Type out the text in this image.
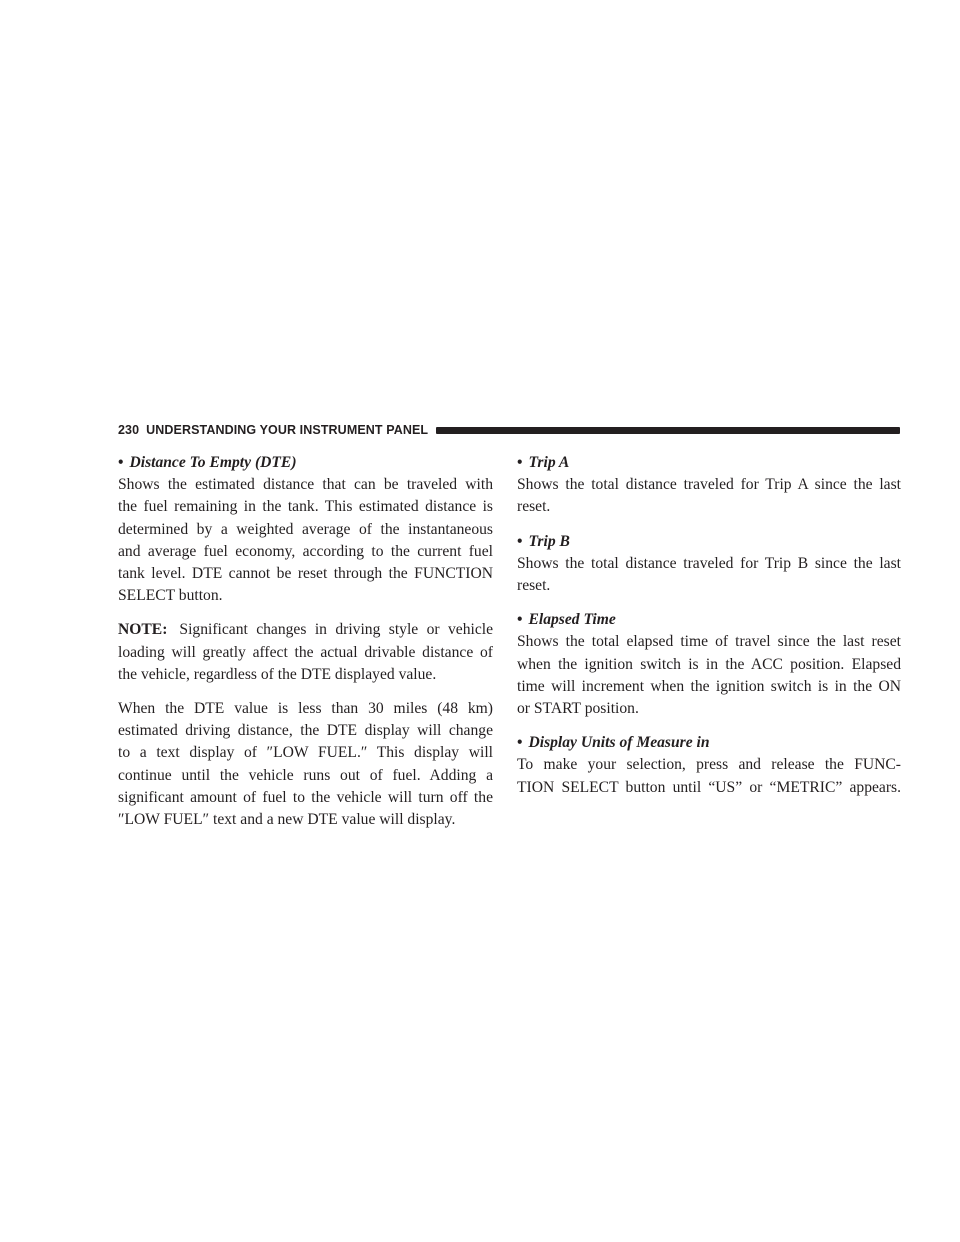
230 UNDERSTANDING YOUR INSTRUMENT PANEL
• Distance To Empty (DTE)
Shows the estimated distance that can be traveled with
the fuel remaining in the tank. This estimated distance is
determined by a weighted average of the instantaneous
and average fuel economy, according to the current fuel
tank level. DTE cannot be reset through the FUNCTION
SELECT button.
NOTE: Significant changes in driving style or vehicle
loading will greatly affect the actual drivable distance of
the vehicle, regardless of the DTE displayed value.
When the DTE value is less than 30 miles (48 km)
estimated driving distance, the DTE display will change
to a text display of ″LOW FUEL.″ This display will
continue until the vehicle runs out of fuel. Adding a
significant amount of fuel to the vehicle will turn off the
″LOW FUEL″ text and a new DTE value will display.
• Trip A
Shows the total distance traveled for Trip A since the last
reset.
• Trip B
Shows the total distance traveled for Trip B since the last
reset.
• Elapsed Time
Shows the total elapsed time of travel since the last reset
when the ignition switch is in the ACC position. Elapsed
time will increment when the ignition switch is in the ON
or START position.
• Display Units of Measure in
To make your selection, press and release the FUNC-
TION SELECT button until “US” or “METRIC” appears.
